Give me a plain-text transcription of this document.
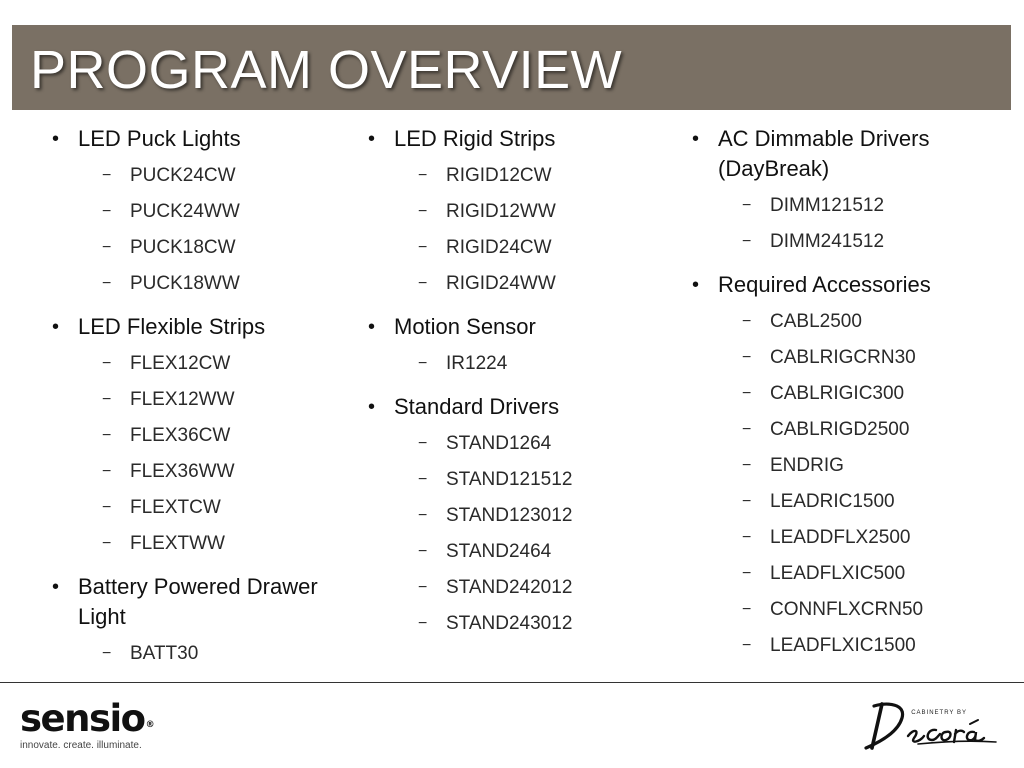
PROGRAM OVERVIEW
• LED Puck Lights
− PUCK24CW
− PUCK24WW
− PUCK18CW
− PUCK18WW
• LED Flexible Strips
− FLEX12CW
− FLEX12WW
− FLEX36CW
− FLEX36WW
− FLEXTCW
− FLEXTWW
• Battery Powered Drawer Light
− BATT30
• LED Rigid Strips
− RIGID12CW
− RIGID12WW
− RIGID24CW
− RIGID24WW
• Motion Sensor
− IR1224
• Standard Drivers
− STAND1264
− STAND121512
− STAND123012
− STAND2464
− STAND242012
− STAND243012
• AC Dimmable Drivers (DayBreak)
− DIMM121512
− DIMM241512
• Required Accessories
− CABL2500
− CABLRIGCRN30
− CABLRIGIC300
− CABLRIGD2500
− ENDRIG
− LEADRIC1500
− LEADDFLX2500
− LEADFLXIC500
− CONNFLXCRN50
− LEADFLXIC1500
sensio®
innovate. create. illuminate.
CABINETRY BY
